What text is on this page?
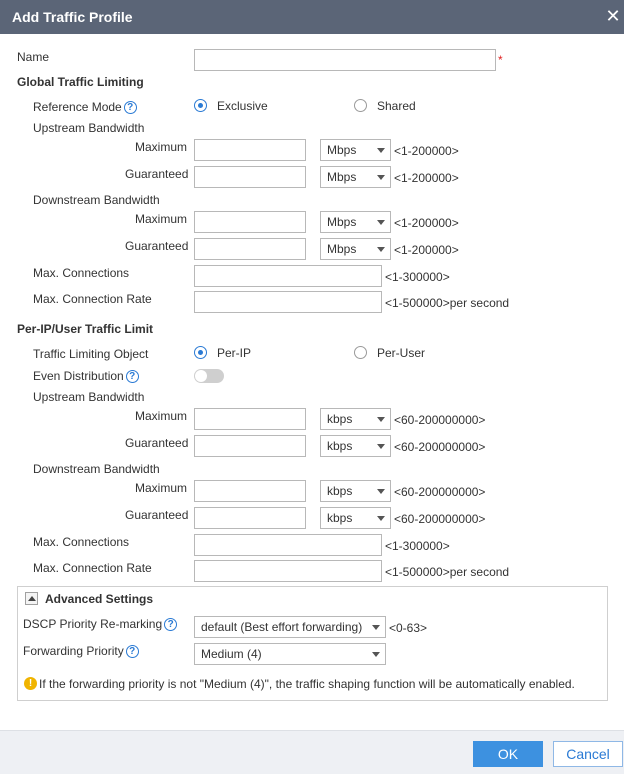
Add Traffic Profile	✕
Name	*
Global Traffic Limiting
Reference Mode ?	Exclusive	Shared
Upstream Bandwidth
Maximum	Mbps	<1-200000>
Guaranteed	Mbps	<1-200000>
Downstream Bandwidth
Maximum	Mbps	<1-200000>
Guaranteed	Mbps	<1-200000>
Max. Connections	<1-300000>
Max. Connection Rate	<1-500000>per second
Per-IP/User Traffic Limit
Traffic Limiting Object	Per-IP	Per-User
Even Distribution ?
Upstream Bandwidth
Maximum	kbps	<60-200000000>
Guaranteed	kbps	<60-200000000>
Downstream Bandwidth
Maximum	kbps	<60-200000000>
Guaranteed	kbps	<60-200000000>
Max. Connections	<1-300000>
Max. Connection Rate	<1-500000>per second
Advanced Settings
DSCP Priority Re-marking ? default (Best effort forwarding)	<0-63>
Forwarding Priority ?	Medium (4)
! If the forwarding priority is not "Medium (4)", the traffic shaping function will be automatically enabled.
OK	Cancel
